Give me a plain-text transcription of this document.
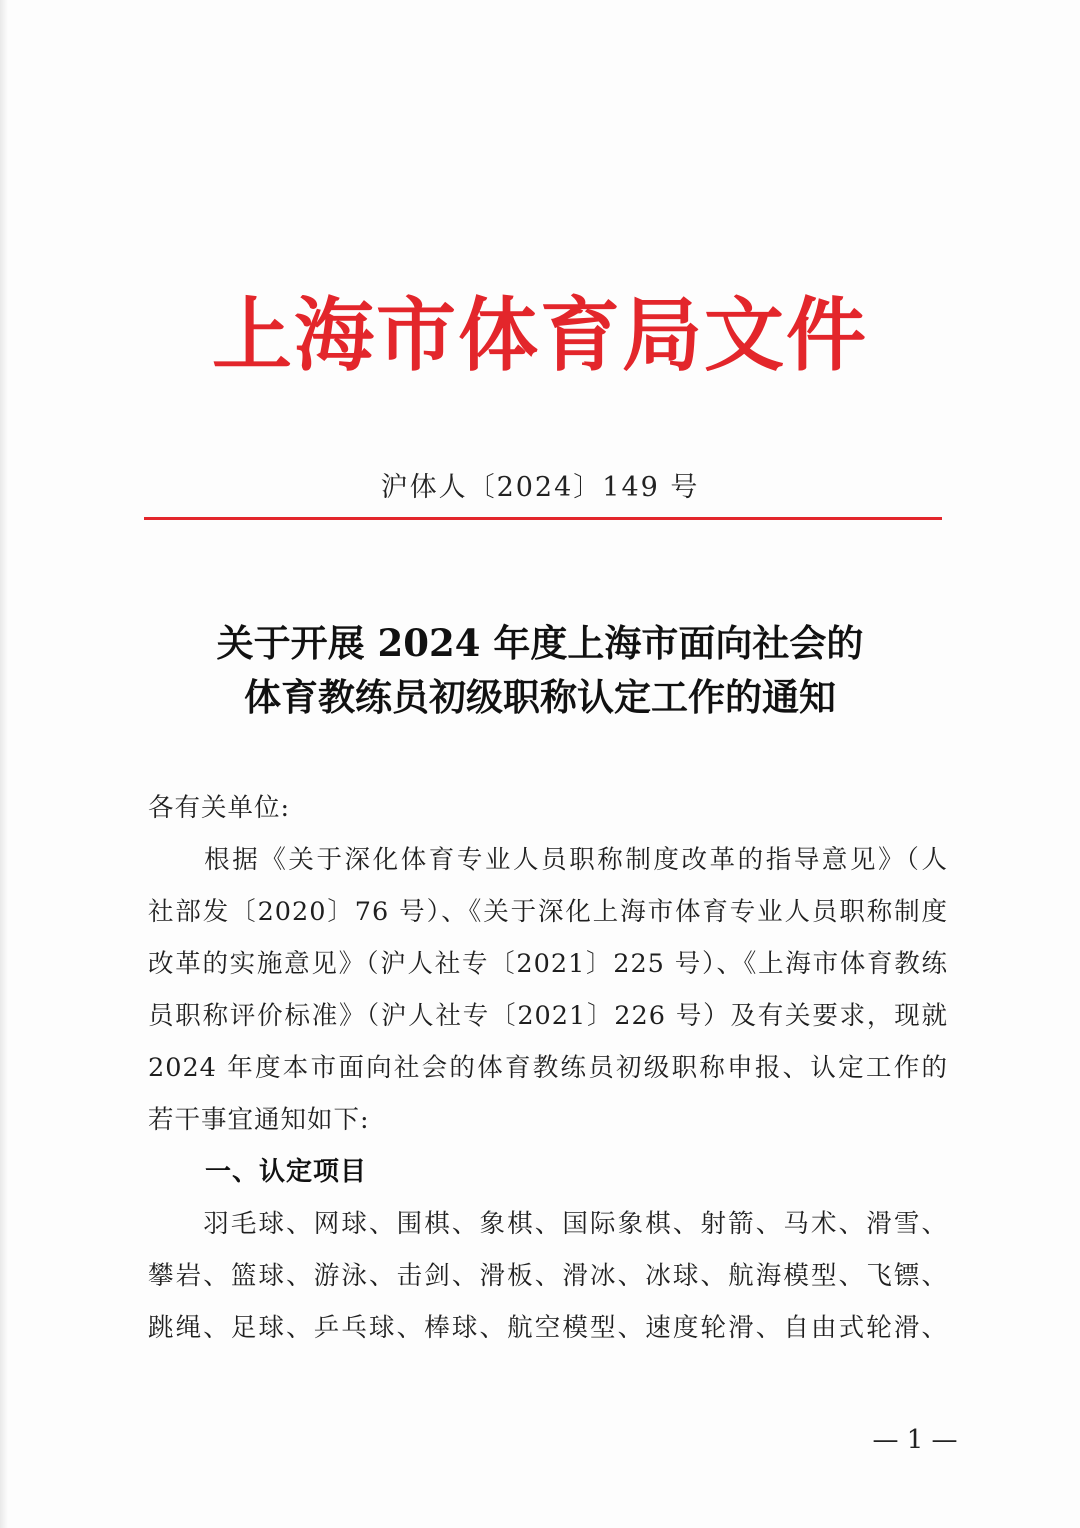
上海市体育局文件
沪体人〔2024〕149 号
关于开展 2024 年度上海市面向社会的
体育教练员初级职称认定工作的通知
各有关单位:
　　根据《关于深化体育专业人员职称制度改革的指导意见》（人
社部发〔2020〕76 号）、《关于深化上海市体育专业人员职称制度
改革的实施意见》（沪人社专〔2021〕225 号）、《上海市体育教练
员职称评价标准》（沪人社专〔2021〕226 号）及有关要求，现就
2024 年度本市面向社会的体育教练员初级职称申报、认定工作的
若干事宜通知如下:
一、认定项目
　　羽毛球、网球、围棋、象棋、国际象棋、射箭、马术、滑雪、
攀岩、篮球、游泳、击剑、滑板、滑冰、冰球、航海模型、飞镖、
跳绳、足球、乒乓球、棒球、航空模型、速度轮滑、自由式轮滑、
— 1 —
